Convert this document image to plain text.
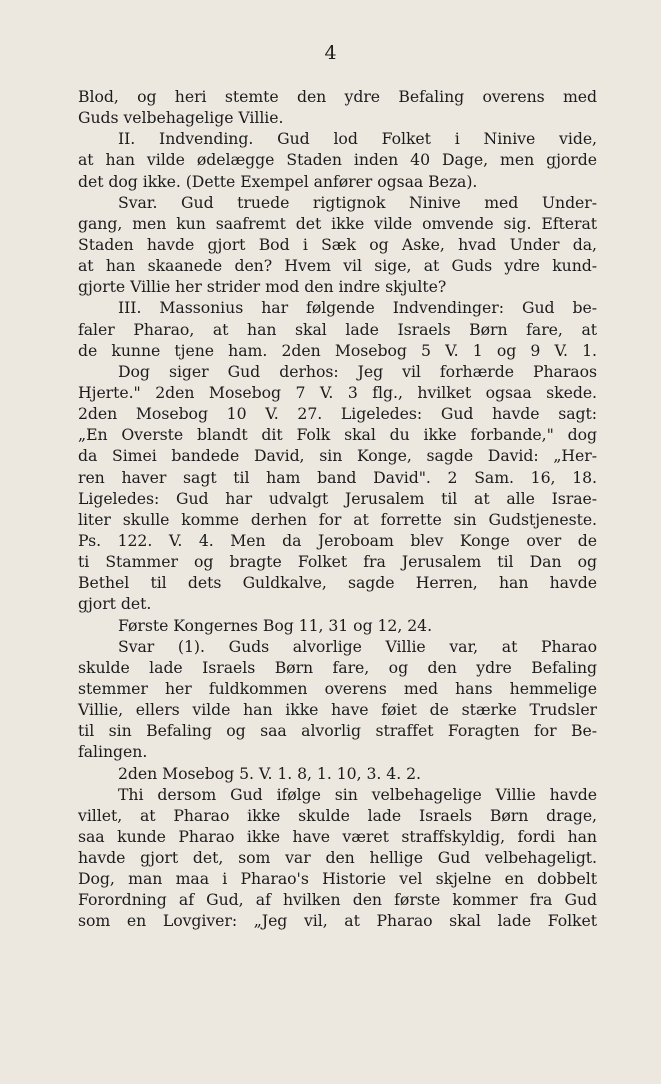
4
Blod, og heri stemte den ydre Befaling overens med
Guds velbehagelige Villie.
II. Indvending. Gud lod Folket i Ninive vide,
at han vilde ødelægge Staden inden 40 Dage, men gjorde
det dog ikke. (Dette Exempel anfører ogsaa Beza).
Svar. Gud truede rigtignok Ninive med Under-
gang, men kun saafremt det ikke vilde omvende sig. Efterat
Staden havde gjort Bod i Sæk og Aske, hvad Under da,
at han skaanede den? Hvem vil sige, at Guds ydre kund-
gjorte Villie her strider mod den indre skjulte?
III. Massonius har følgende Indvendinger: Gud be-
faler Pharao, at han skal lade Israels Børn fare, at
de kunne tjene ham. 2den Mosebog 5 V. 1 og 9 V. 1.
Dog siger Gud derhos: Jeg vil forhærde Pharaos
Hjerte." 2den Mosebog 7 V. 3 flg., hvilket ogsaa skede.
2den Mosebog 10 V. 27. Ligeledes: Gud havde sagt:
„En Overste blandt dit Folk skal du ikke forbande," dog
da Simei bandede David, sin Konge, sagde David: „Her-
ren haver sagt til ham band David". 2 Sam. 16, 18.
Ligeledes: Gud har udvalgt Jerusalem til at alle Israe-
liter skulle komme derhen for at forrette sin Gudstjeneste.
Ps. 122. V. 4. Men da Jeroboam blev Konge over de
ti Stammer og bragte Folket fra Jerusalem til Dan og
Bethel til dets Guldkalve, sagde Herren, han havde
gjort det.
Første Kongernes Bog 11, 31 og 12, 24.
Svar (1). Guds alvorlige Villie var, at Pharao
skulde lade Israels Børn fare, og den ydre Befaling
stemmer her fuldkommen overens med hans hemmelige
Villie, ellers vilde han ikke have føiet de stærke Trudsler
til sin Befaling og saa alvorlig straffet Foragten for Be-
falingen.
2den Mosebog 5. V. 1. 8, 1. 10, 3. 4. 2.
Thi dersom Gud ifølge sin velbehagelige Villie havde
villet, at Pharao ikke skulde lade Israels Børn drage,
saa kunde Pharao ikke have været straffskyldig, fordi han
havde gjort det, som var den hellige Gud velbehageligt.
Dog, man maa i Pharao's Historie vel skjelne en dobbelt
Forordning af Gud, af hvilken den første kommer fra Gud
som en Lovgiver: „Jeg vil, at Pharao skal lade Folket
